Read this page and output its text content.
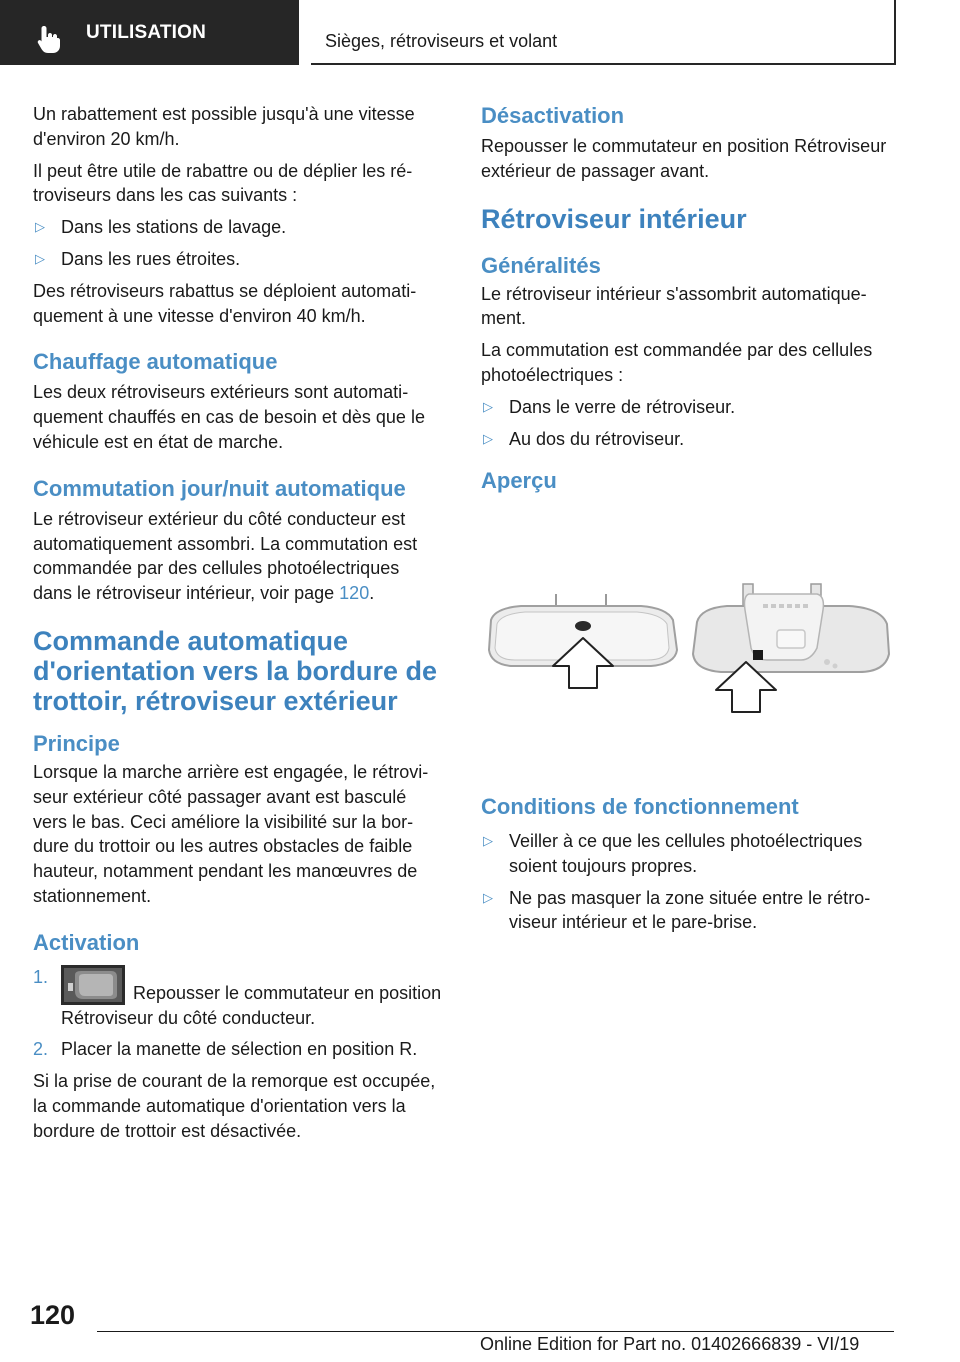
UTILISATION	Sièges, rétroviseurs et volant

Un rabattement est possible jusqu'à une vitesse d'environ 20 km/h.

Il peut être utile de rabattre ou de déplier les rétroviseurs dans les cas suivants :

▷ Dans les stations de lavage.
▷ Dans les rues étroites.

Des rétroviseurs rabattus se déploient automatiquement à une vitesse d'environ 40 km/h.

Chauffage automatique

Les deux rétroviseurs extérieurs sont automatiquement chauffés en cas de besoin et dès que le véhicule est en état de marche.

Commutation jour/nuit automatique

Le rétroviseur extérieur du côté conducteur est automatiquement assombri. La commutation est commandée par des cellules photoélectriques dans le rétroviseur intérieur, voir page 120.

Commande automatique d'orientation vers la bordure de trottoir, rétroviseur extérieur
Principe

Lorsque la marche arrière est engagée, le rétroviseur extérieur côté passager avant est basculé vers le bas. Ceci améliore la visibilité sur la bordure du trottoir ou les autres obstacles de faible hauteur, notamment pendant les manœuvres de stationnement.

Activation
1.
Repousser le commutateur en position Rétroviseur du côté conducteur.
2. Placer la manette de sélection en position R.

Si la prise de courant de la remorque est occupée, la commande automatique d'orientation vers la bordure de trottoir est désactivée.

Désactivation

Repousser le commutateur en position Rétroviseur extérieur de passager avant.

Rétroviseur intérieur
Généralités

Le rétroviseur intérieur s'assombrit automatiquement.

La commutation est commandée par des cellules photoélectriques :

▷ Dans le verre de rétroviseur.
▷ Au dos du rétroviseur.
Aperçu
Conditions de fonctionnement
▷ Veiller à ce que les cellules photoélectriques soient toujours propres.
▷ Ne pas masquer la zone située entre le rétroviseur intérieur et le pare-brise.
120
Online Edition for Part no. 01402666839 - VI/19
